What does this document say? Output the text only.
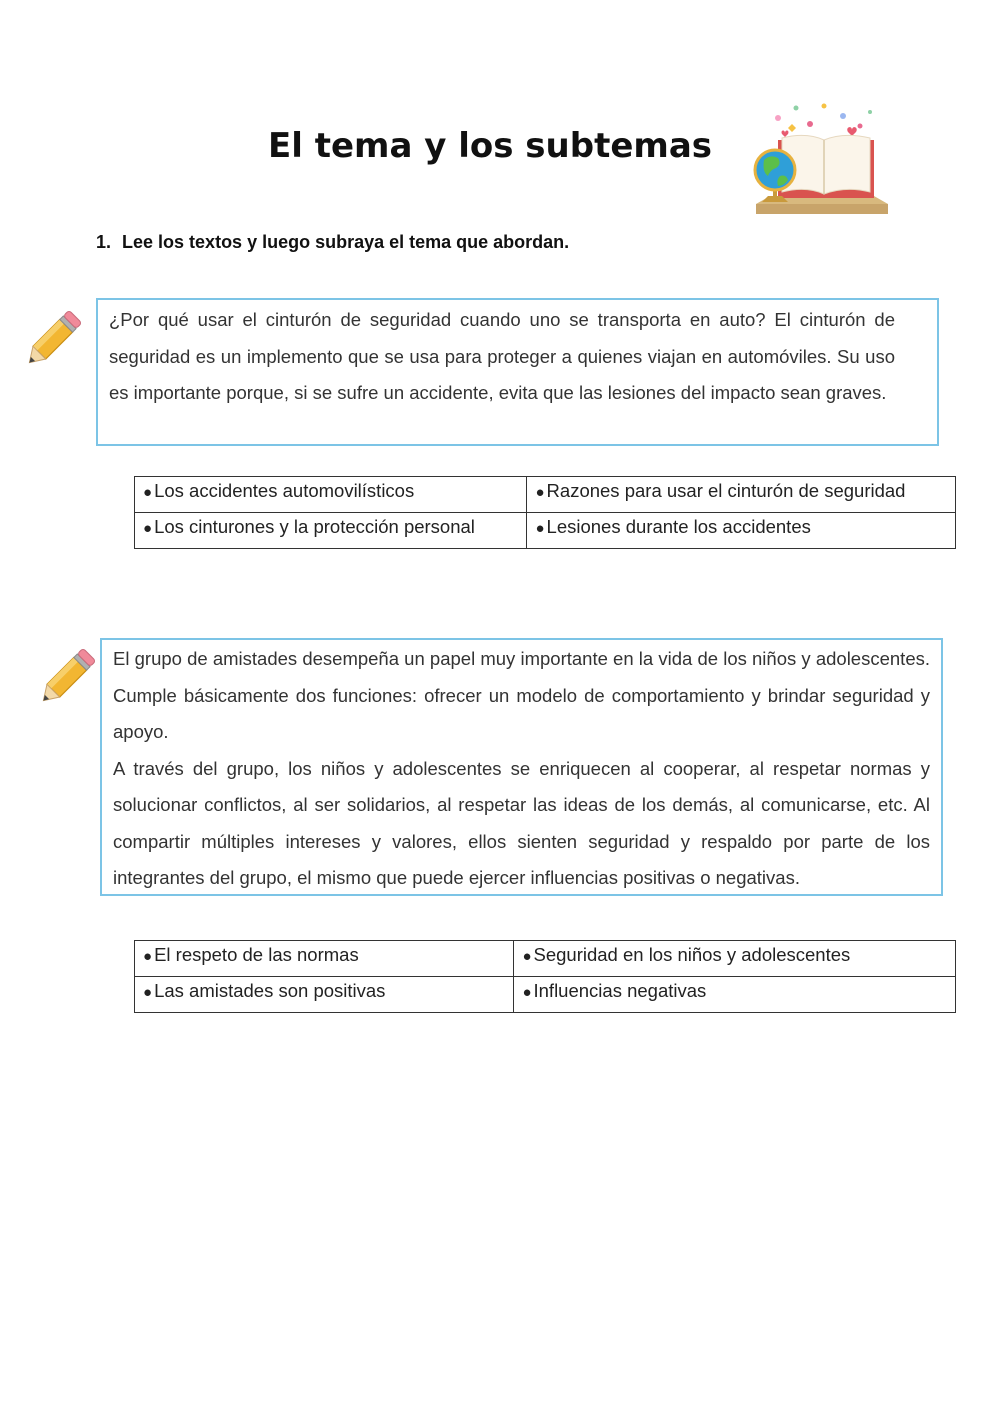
El tema y los subtemas

1. Lee los textos y luego subraya el tema que abordan.

¿Por qué usar el cinturón de seguridad cuando uno se transporta en auto? El cinturón de seguridad es un implemento que se usa para proteger a quienes viajan en automóviles. Su uso es importante porque, si se sufre un accidente, evita que las lesiones del impacto sean graves.

● Los accidentes automovilísticos	● Razones para usar el cinturón de seguridad
● Los cinturones y la protección personal	● Lesiones durante los accidentes

El grupo de amistades desempeña un papel muy importante en la vida de los niños y adolescentes. Cumple básicamente dos funciones: ofrecer un modelo de comportamiento y brindar seguridad y apoyo.

A través del grupo, los niños y adolescentes se enriquecen al cooperar, al respetar normas y solucionar conflictos, al ser solidarios, al respetar las ideas de los demás, al comunicarse, etc. Al compartir múltiples intereses y valores, ellos sienten seguridad y respaldo por parte de los integrantes del grupo, el mismo que puede ejercer influencias positivas o negativas.

● El respeto de las normas	● Seguridad en los niños y adolescentes
● Las amistades son positivas	● Influencias negativas
